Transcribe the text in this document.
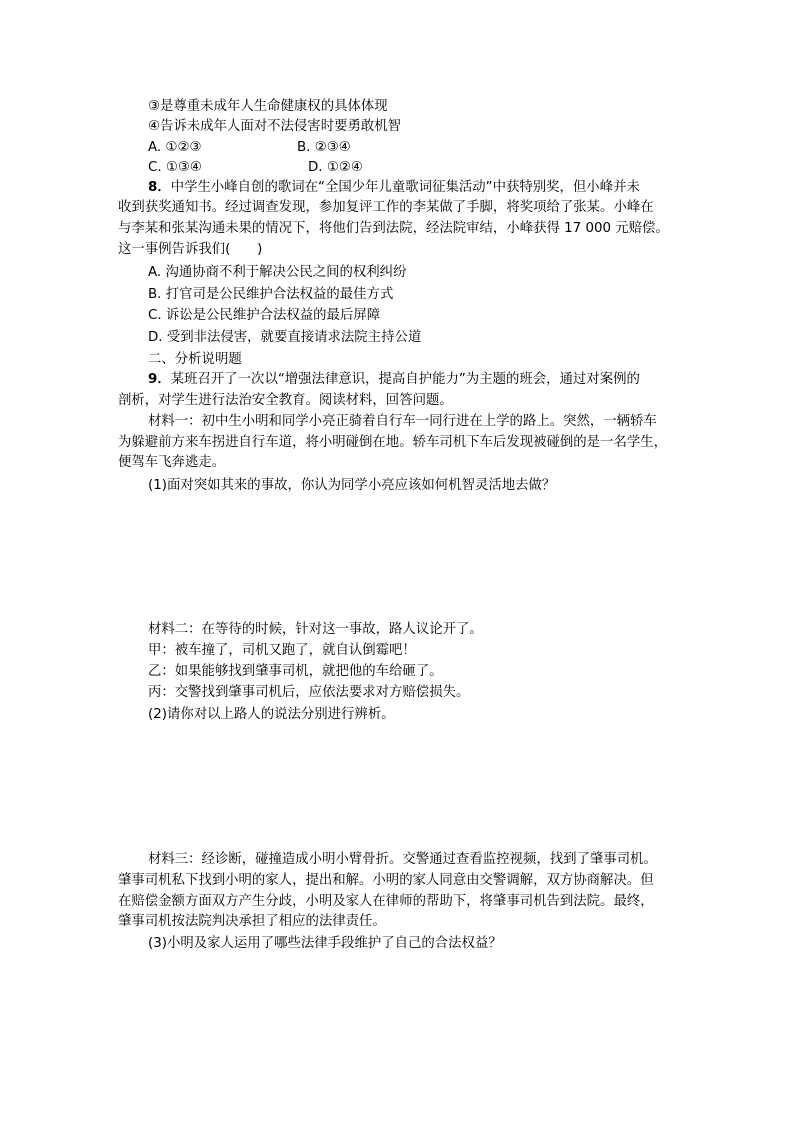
③是尊重未成年人生命健康权的具体体现
④告诉未成年人面对不法侵害时要勇敢机智
A. ①②③	B. ②③④
C. ①③④	D. ①②④
8．中学生小峰自创的歌词在“全国少年儿童歌词征集活动”中获特别奖，但小峰并未
收到获奖通知书。经过调查发现，参加复评工作的李某做了手脚，将奖项给了张某。小峰在
与李某和张某沟通未果的情况下，将他们告到法院，经法院审结，小峰获得 17 000 元赔偿。
这一事例告诉我们(　　)
A. 沟通协商不利于解决公民之间的权利纠纷
B. 打官司是公民维护合法权益的最佳方式
C. 诉讼是公民维护合法权益的最后屏障
D. 受到非法侵害，就要直接请求法院主持公道
二、分析说明题
9．某班召开了一次以“增强法律意识，提高自护能力”为主题的班会，通过对案例的
剖析，对学生进行法治安全教育。阅读材料，回答问题。
材料一：初中生小明和同学小亮正骑着自行车一同行进在上学的路上。突然，一辆轿车
为躲避前方来车拐进自行车道，将小明碰倒在地。轿车司机下车后发现被碰倒的是一名学生，
便驾车飞奔逃走。
(1)面对突如其来的事故，你认为同学小亮应该如何机智灵活地去做？
材料二：在等待的时候，针对这一事故，路人议论开了。
甲：被车撞了，司机又跑了，就自认倒霉吧！
乙：如果能够找到肇事司机，就把他的车给砸了。
丙：交警找到肇事司机后，应依法要求对方赔偿损失。
(2)请你对以上路人的说法分别进行辨析。
材料三：经诊断，碰撞造成小明小臂骨折。交警通过查看监控视频，找到了肇事司机。
肇事司机私下找到小明的家人，提出和解。小明的家人同意由交警调解，双方协商解决。但
在赔偿金额方面双方产生分歧，小明及家人在律师的帮助下，将肇事司机告到法院。最终，
肇事司机按法院判决承担了相应的法律责任。
(3)小明及家人运用了哪些法律手段维护了自己的合法权益？
